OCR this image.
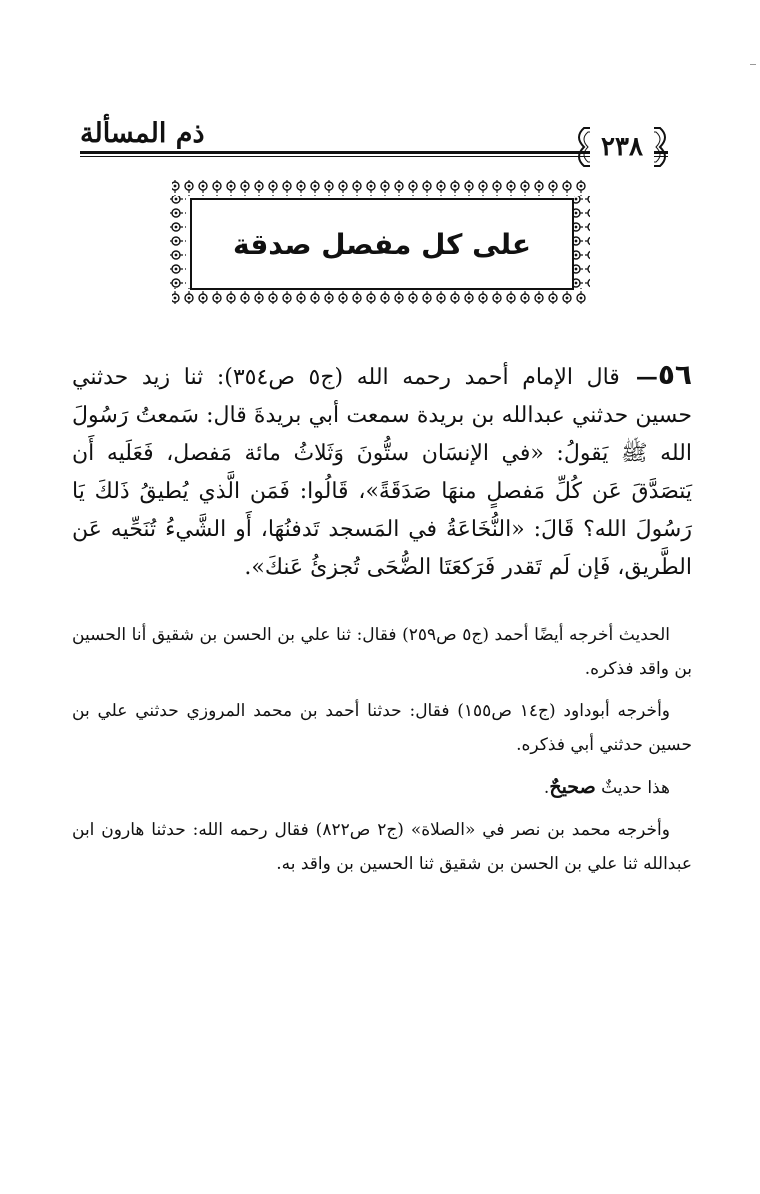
ذم المسألة	٢٣٨
على كل مفصل صدقة

٥٦—قال الإمام أحمد رحمه الله (ج٥ ص٣٥٤): ثنا زيد حدثني حسين حدثني عبدالله بن بريدة سمعت أبي بريدةَ قال: سَمعتُ رَسُولَ الله ﷺ يَقولُ: «في الإنسَان ستُّونَ وَثَلاثُ مائة مَفصل، فَعَلَيه أَن يَتصَدَّقَ عَن كُلِّ مَفصلٍ منهَا صَدَقَةً»، قَالُوا: فَمَن الَّذي يُطيقُ ذَلكَ يَا رَسُولَ الله؟ قَالَ: «النُّخَاعَةُ في المَسجد تَدفنُهَا، أَو الشَّيءُ تُنَحِّيه عَن الطَّريق، فَإن لَم تَقدر فَرَكعَتَا الضُّحَى تُجزئُ عَنكَ».

الحديث أخرجه أيضًا أحمد (ج٥ ص٢٥٩) فقال: ثنا علي بن الحسن بن شقيق أنا الحسين بن واقد فذكره.

وأخرجه أبوداود (ج١٤ ص١٥٥) فقال: حدثنا أحمد بن محمد المروزي حدثني علي بن حسين حدثني أبي فذكره.

هذا حديثٌ صحيحٌ.

وأخرجه محمد بن نصر في «الصلاة» (ج٢ ص٨٢٢) فقال رحمه الله: حدثنا هارون ابن عبدالله ثنا علي بن الحسن بن شقيق ثنا الحسين بن واقد به.
